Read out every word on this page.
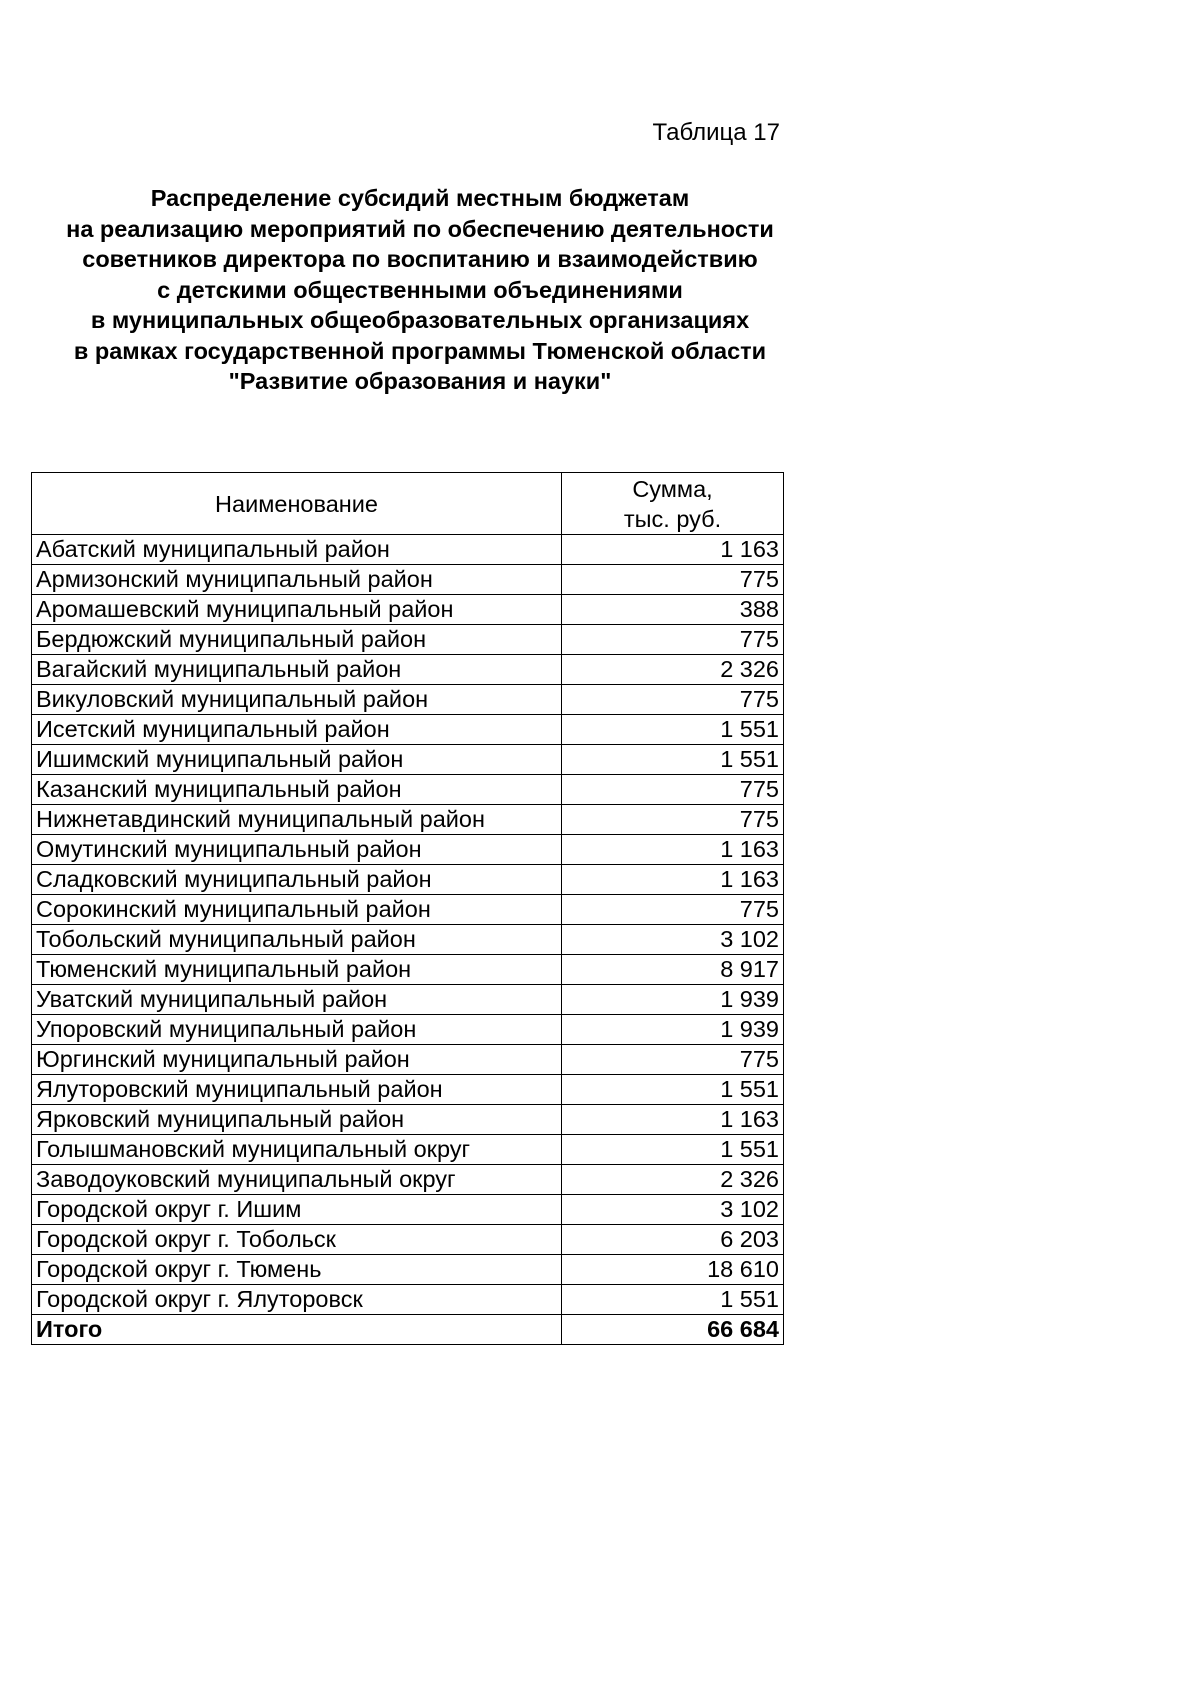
Таблица 17
Распределение субсидий местным бюджетам
на реализацию мероприятий по обеспечению деятельности
советников директора по воспитанию и взаимодействию
с детскими общественными объединениями
в муниципальных общеобразовательных организациях
в рамках государственной программы Тюменской области
"Развитие образования и науки"
Наименование	Сумма,
тыс. руб.

Абатский муниципальный район	1 163
Армизонский муниципальный район	775
Аромашевский муниципальный район	388
Бердюжский муниципальный район	775
Вагайский муниципальный район	2 326
Викуловский муниципальный район	775
Исетский муниципальный район	1 551
Ишимский муниципальный район	1 551
Казанский муниципальный район	775
Нижнетавдинский муниципальный район	775
Омутинский муниципальный район	1 163
Сладковский муниципальный район	1 163
Сорокинский муниципальный район	775
Тобольский муниципальный район	3 102
Тюменский муниципальный район	8 917
Уватский муниципальный район	1 939
Упоровский муниципальный район	1 939
Юргинский муниципальный район	775
Ялуторовский муниципальный район	1 551
Ярковский муниципальный район	1 163
Голышмановский муниципальный округ	1 551
Заводоуковский муниципальный округ	2 326
Городской округ г. Ишим	3 102
Городской округ г. Тобольск	6 203
Городской округ г. Тюмень	18 610
Городской округ г. Ялуторовск	1 551
Итого	66 684
